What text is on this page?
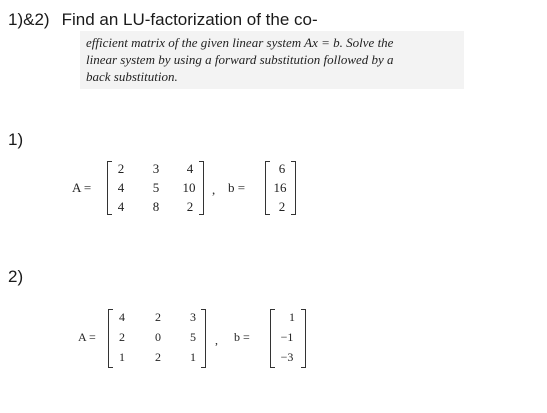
1)&2) Find an LU-factorization of the co-
efficient matrix of the given linear system Ax = b. Solve the
linear system by using a forward substitution followed by a
back substitution.
1)
A =
2 3 4
4 5 10
4 8 2
, b =
6
16
2
2)
A =
4	2 3
2	0 5
1	2 1
, b =
1
−1
−3
